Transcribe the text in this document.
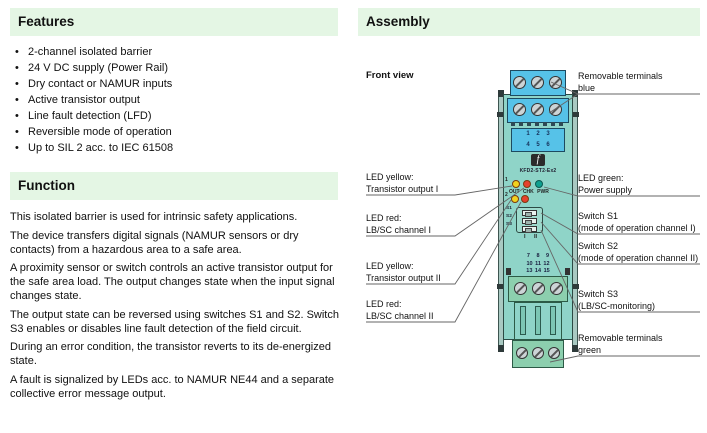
Features
• 2-channel isolated barrier
• 24 V DC supply (Power Rail)
• Dry contact or NAMUR inputs
• Active transistor output
• Line fault detection (LFD)
• Reversible mode of operation
• Up to SIL 2 acc. to IEC 61508
Function

This isolated barrier is used for intrinsic safety applications.

The device transfers digital signals (NAMUR sensors or dry contacts) from a hazardous area to a safe area.

A proximity sensor or switch controls an active transistor output for the safe area load. The output changes state when the input signal changes state.

The output state can be reversed using switches S1 and S2. Switch S3 enables or disables line fault detection of the field circuit.

During an error condition, the transistor reverts to its de-energized state.

A fault is signalized by LEDs acc. to NAMUR NE44 and a separate collective error message output.

Assembly
Front view
LED yellow:
Transistor output I
LED red:
LB/SC channel I
LED yellow:
Transistor output II
LED red:
LB/SC channel II
Removable terminals
blue
LED green:
Power supply
Switch S1
(mode of operation channel I)
Switch S2
(mode of operation channel II)
Switch S3
(LB/SC-monitoring)
Removable terminals
green
1 2 3
4 5 6
f
KFD2-ST2-Ex2
1
OUT CHK PWR
2
S1
S2
S3
I II
7 8 9
10 11 12
13 14 15
